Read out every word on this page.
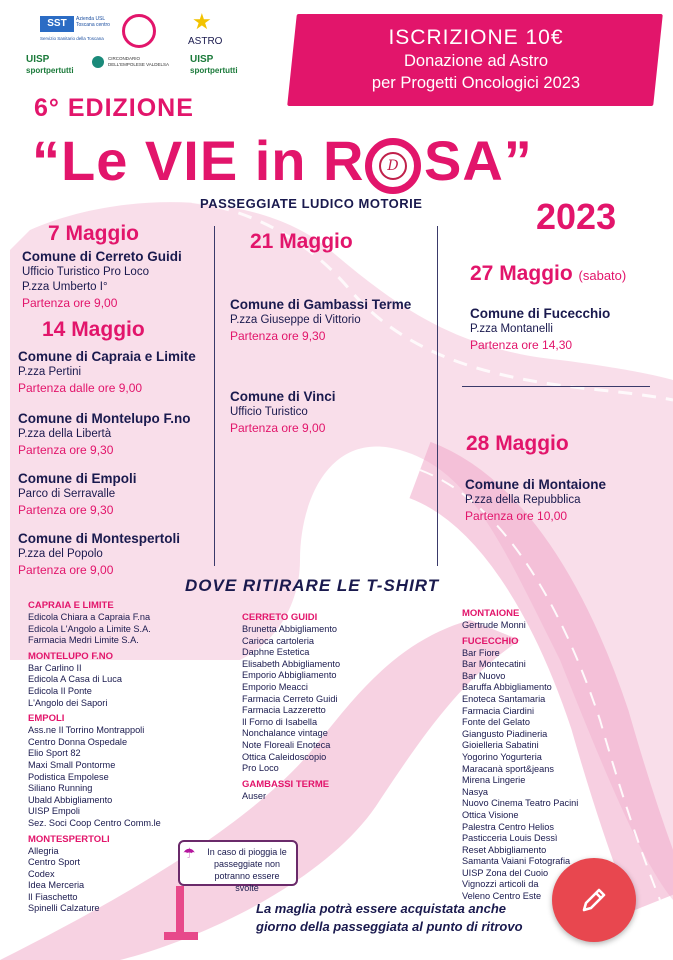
SST	Azienda USL Toscana centro
Servizio Sanitario della Toscana
UISP
sportpertutti
CIRCONDARIO DELL'EMPOLESE VALDELSA
★
ASTRO
UISP
sportpertutti
ISCRIZIONE 10€
Donazione ad Astro
per Progetti Oncologici 2023
6° EDIZIONE
“Le VIE in R	D SA”
PASSEGGIATE LUDICO MOTORIE	2023
7 Maggio
14 Maggio
21 Maggio
27 Maggio (sabato)
28 Maggio
Comune di Cerreto Guidi
Ufficio Turistico Pro Loco
P.zza Umberto I°
Partenza ore 9,00
Comune di Capraia e Limite
P.zza Pertini
Partenza dalle ore 9,00
Comune di Montelupo F.no
P.zza della Libertà
Partenza ore 9,30
Comune di Empoli
Parco di Serravalle
Partenza ore 9,30
Comune di Montespertoli
P.zza del Popolo
Partenza ore 9,00
Comune di Gambassi Terme
P.zza Giuseppe di Vittorio
Partenza ore 9,30
Comune di Vinci
Ufficio Turistico
Partenza ore 9,00
Comune di Fucecchio
P.zza Montanelli
Partenza ore 14,30
Comune di Montaione
P.zza della Repubblica
Partenza ore 10,00
DOVE RITIRARE LE T-SHIRT
CAPRAIA E LIMITE
Edicola Chiara a Capraia F.na
Edicola L'Angolo a Limite S.A.
Farmacia Medri Limite S.A.
MONTELUPO F.NO
Bar Carlino II
Edicola A Casa di Luca
Edicola Il Ponte
L'Angolo dei Sapori
EMPOLI
Ass.ne Il Torrino Montrappoli
Centro Donna Ospedale
Elio Sport 82
Maxi Small Pontorme
Podistica Empolese
Siliano Running
Ubald Abbigliamento
UISP Empoli
Sez. Soci Coop Centro Comm.le
MONTESPERTOLI
Allegria
Centro Sport
Codex
Idea Merceria
Il Fiaschetto
Spinelli Calzature
CERRETO GUIDI
Brunetta Abbigliamento
Carioca cartoleria
Daphne Estetica
Elisabeth Abbigliamento
Emporio Abbigliamento
Emporio Meacci
Farmacia Cerreto Guidi
Farmacia Lazzeretto
Il Forno di Isabella
Nonchalance vintage
Note Floreali Enoteca
Ottica Caleidoscopio
Pro Loco
GAMBASSI TERME
Auser
MONTAIONE
Gertrude Monni
FUCECCHIO
Bar Fiore
Bar Montecatini
Bar Nuovo
Baruffa Abbigliamento
Enoteca Santamaria
Farmacia Ciardini
Fonte del Gelato
Giangusto Piadineria
Gioielleria Sabatini
Yogorino Yogurteria
Maracanà sport&jeans
Mirena Lingerie
Nasya
Nuovo Cinema Teatro Pacini
Ottica Visione
Palestra Centro Helios
Pasticceria Louis Dessì
Reset Abbigliamento
Samanta Vaiani Fotografia
UISP Zona del Cuoio
Vignozzi articoli da
Veleno Centro Este
In caso di pioggia le passeggiate non potranno essere svolte
☂
La maglia potrà essere acquistata anche
giorno della passeggiata al punto di ritrovo
